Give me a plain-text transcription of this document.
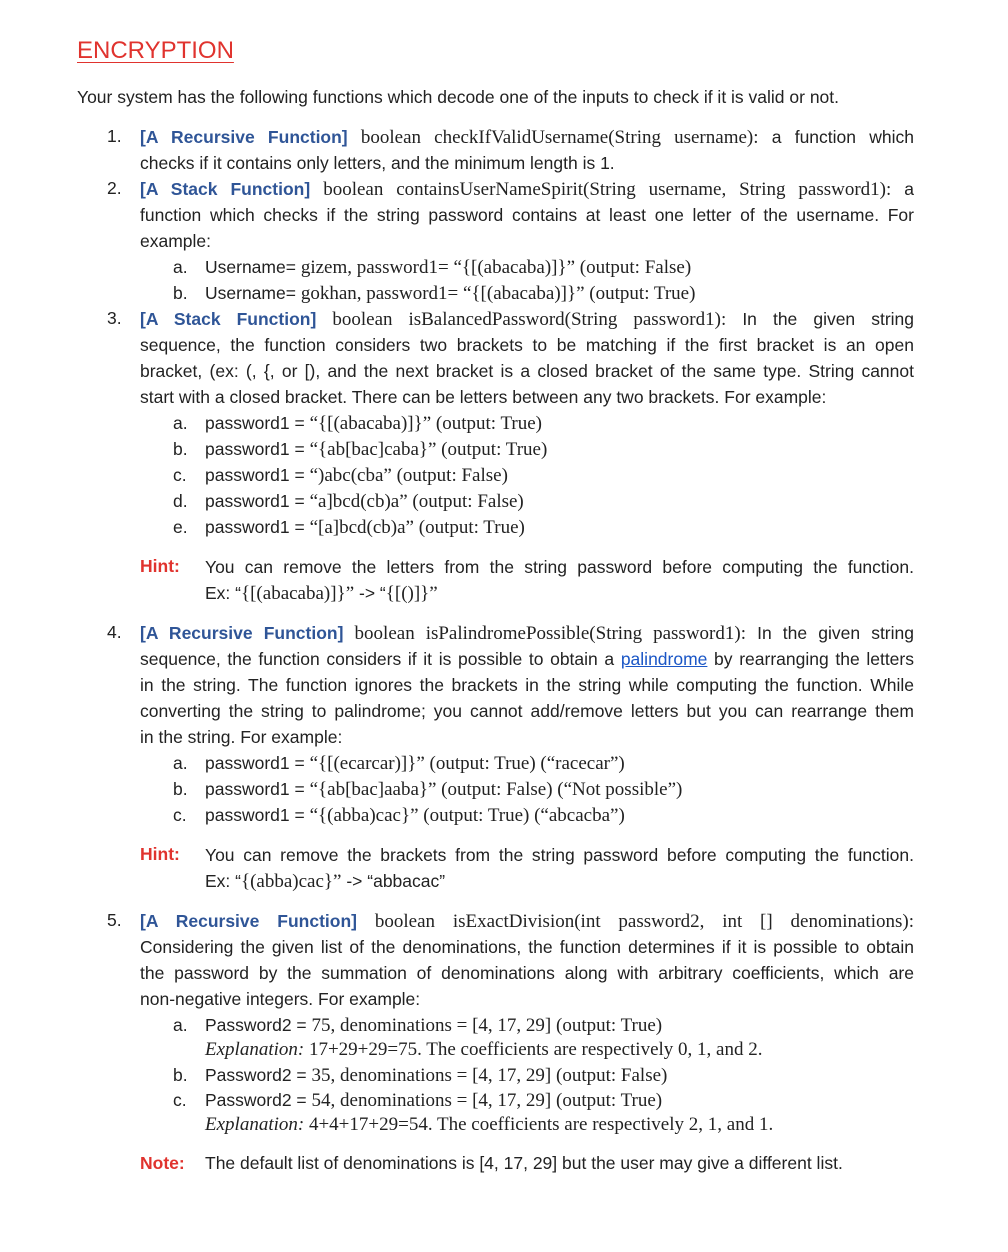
ENCRYPTION
Your system has the following functions which decode one of the inputs to check if it is valid or not.
1. [A Recursive Function] boolean checkIfValidUsername(String username): a function which
checks if it contains only letters, and the minimum length is 1.
2. [A Stack Function] boolean containsUserNameSpirit(String username, String password1): a
function which checks if the string password contains at least one letter of the username. For
example:
a. Username= gizem, password1= “{[(abacaba)]}” (output: False)
b. Username= gokhan, password1= “{[(abacaba)]}” (output: True)
3. [A Stack Function] boolean isBalancedPassword(String password1): In the given string
sequence, the function considers two brackets to be matching if the first bracket is an open
bracket, (ex: (, {, or [), and the next bracket is a closed bracket of the same type. String cannot
start with a closed bracket. There can be letters between any two brackets. For example:
a. password1 = “{[(abacaba)]}” (output: True)
b. password1 = “{ab[bac]caba}” (output: True)
c. password1 = “)abc(cba” (output: False)
d. password1 = “a]bcd(cb)a” (output: False)
e. password1 = “[a]bcd(cb)a” (output: True)
Hint: You can remove the letters from the string password before computing the function.
Ex: “{[(abacaba)]}” -> “{[()]}”
4. [A Recursive Function] boolean isPalindromePossible(String password1): In the given string
sequence, the function considers if it is possible to obtain a palindrome by rearranging the letters
in the string. The function ignores the brackets in the string while computing the function. While
converting the string to palindrome; you cannot add/remove letters but you can rearrange them
in the string. For example:
a. password1 = “{[(ecarcar)]}” (output: True) (“racecar”)
b. password1 = “{ab[bac]aaba}” (output: False) (“Not possible”)
c. password1 = “{(abba)cac}” (output: True) (“abcacba”)
Hint: You can remove the brackets from the string password before computing the function.
Ex: “{(abba)cac}” -> “abbacac”
5. [A Recursive Function] boolean isExactDivision(int password2, int [] denominations):
Considering the given list of the denominations, the function determines if it is possible to obtain
the password by the summation of denominations along with arbitrary coefficients, which are
non-negative integers. For example:
a. Password2 = 75, denominations = [4, 17, 29] (output: True)
Explanation: 17+29+29=75. The coefficients are respectively 0, 1, and 2.
b. Password2 = 35, denominations = [4, 17, 29] (output: False)
c. Password2 = 54, denominations = [4, 17, 29] (output: True)
Explanation: 4+4+17+29=54. The coefficients are respectively 2, 1, and 1.
Note: The default list of denominations is [4, 17, 29] but the user may give a different list.
